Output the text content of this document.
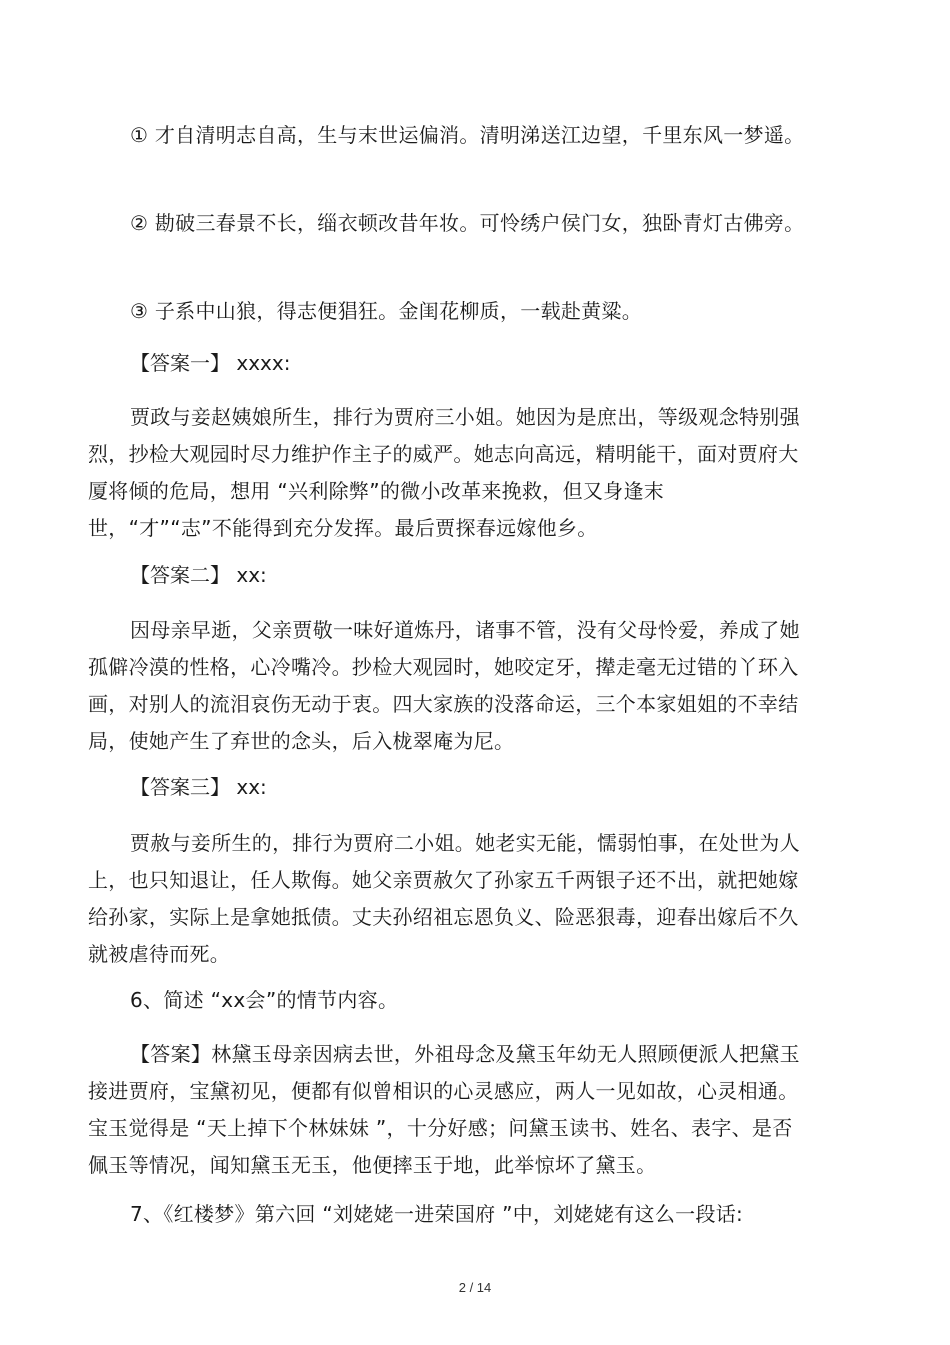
① 才自清明志自高，生与末世运偏消。清明涕送江边望，千里东风一梦遥。

② 勘破三春景不长，缁衣顿改昔年妆。可怜绣户侯门女，独卧青灯古佛旁。

③ 子系中山狼，得志便猖狂。金闺花柳质，一载赴黄粱。

【答案一】 xxxx:

贾政与妾赵姨娘所生，排行为贾府三小姐。她因为是庶出，等级观念特别强烈，抄检大观园时尽力维护作主子的威严。她志向高远，精明能干，面对贾府大厦将倾的危局，想用 “兴利除弊”的微小改革来挽救，但又身逢末世，“才”“志”不能得到充分发挥。最后贾探春远嫁他乡。

【答案二】 xx:

因母亲早逝，父亲贾敬一味好道炼丹，诸事不管，没有父母怜爱，养成了她孤僻冷漠的性格，心冷嘴冷。抄检大观园时，她咬定牙，撵走毫无过错的丫环入画，对别人的流泪哀伤无动于衷。四大家族的没落命运，三个本家姐姐的不幸结局，使她产生了弃世的念头，后入栊翠庵为尼。

【答案三】 xx:

贾赦与妾所生的，排行为贾府二小姐。她老实无能，懦弱怕事，在处世为人上，也只知退让，任人欺侮。她父亲贾赦欠了孙家五千两银子还不出，就把她嫁给孙家，实际上是拿她抵债。丈夫孙绍祖忘恩负义、险恶狠毒，迎春出嫁后不久就被虐待而死。

6、简述 “xx会”的情节内容。

【答案】林黛玉母亲因病去世，外祖母念及黛玉年幼无人照顾便派人把黛玉接进贾府，宝黛初见，便都有似曾相识的心灵感应，两人一见如故，心灵相通。宝玉觉得是 “天上掉下个林妹妹 ”，十分好感；问黛玉读书、姓名、表字、是否佩玉等情况，闻知黛玉无玉，他便摔玉于地，此举惊坏了黛玉。

7、《红楼梦》第六回 “刘姥姥一进荣国府 ”中，刘姥姥有这么一段话:

2 / 14
